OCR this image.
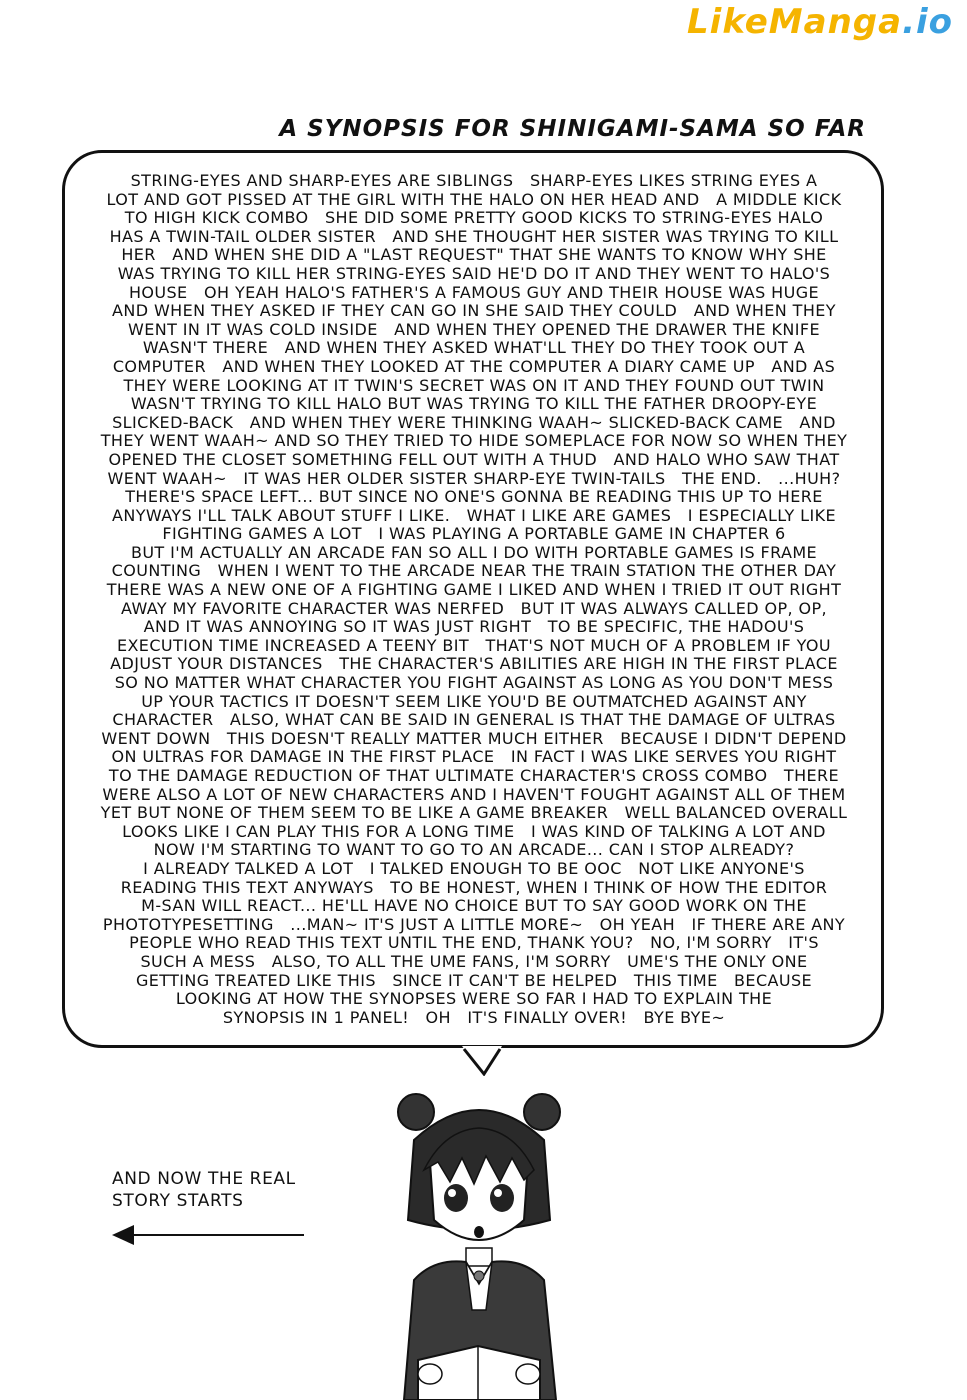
LikeManga.io
A SYNOPSIS FOR SHINIGAMI-SAMA SO FAR

STRING-EYES AND SHARP-EYES ARE SIBLINGS   SHARP-EYES LIKES STRING EYES A

LOT AND GOT PISSED AT THE GIRL WITH THE HALO ON HER HEAD AND   A MIDDLE KICK

TO HIGH KICK COMBO   SHE DID SOME PRETTY GOOD KICKS TO STRING-EYES HALO

HAS A TWIN-TAIL OLDER SISTER   AND SHE THOUGHT HER SISTER WAS TRYING TO KILL

HER   AND WHEN SHE DID A "LAST REQUEST" THAT SHE WANTS TO KNOW WHY SHE

WAS TRYING TO KILL HER STRING-EYES SAID HE'D DO IT AND THEY WENT TO HALO'S

HOUSE   OH YEAH HALO'S FATHER'S A FAMOUS GUY AND THEIR HOUSE WAS HUGE

AND WHEN THEY ASKED IF THEY CAN GO IN SHE SAID THEY COULD   AND WHEN THEY

WENT IN IT WAS COLD INSIDE   AND WHEN THEY OPENED THE DRAWER THE KNIFE

WASN'T THERE   AND WHEN THEY ASKED WHAT'LL THEY DO THEY TOOK OUT A

COMPUTER   AND WHEN THEY LOOKED AT THE COMPUTER A DIARY CAME UP   AND AS

THEY WERE LOOKING AT IT TWIN'S SECRET WAS ON IT AND THEY FOUND OUT TWIN

WASN'T TRYING TO KILL HALO BUT WAS TRYING TO KILL THE FATHER DROOPY-EYE

SLICKED-BACK   AND WHEN THEY WERE THINKING WAAH~ SLICKED-BACK CAME   AND

THEY WENT WAAH~ AND SO THEY TRIED TO HIDE SOMEPLACE FOR NOW SO WHEN THEY

OPENED THE CLOSET SOMETHING FELL OUT WITH A THUD   AND HALO WHO SAW THAT

WENT WAAH~   IT WAS HER OLDER SISTER SHARP-EYE TWIN-TAILS   THE END.   ...HUH?

THERE'S SPACE LEFT... BUT SINCE NO ONE'S GONNA BE READING THIS UP TO HERE

ANYWAYS I'LL TALK ABOUT STUFF I LIKE.   WHAT I LIKE ARE GAMES   I ESPECIALLY LIKE

FIGHTING GAMES A LOT   I WAS PLAYING A PORTABLE GAME IN CHAPTER 6

BUT I'M ACTUALLY AN ARCADE FAN SO ALL I DO WITH PORTABLE GAMES IS FRAME

COUNTING   WHEN I WENT TO THE ARCADE NEAR THE TRAIN STATION THE OTHER DAY

THERE WAS A NEW ONE OF A FIGHTING GAME I LIKED AND WHEN I TRIED IT OUT RIGHT

AWAY MY FAVORITE CHARACTER WAS NERFED   BUT IT WAS ALWAYS CALLED OP, OP,

AND IT WAS ANNOYING SO IT WAS JUST RIGHT   TO BE SPECIFIC, THE HADOU'S

EXECUTION TIME INCREASED A TEENY BIT   THAT'S NOT MUCH OF A PROBLEM IF YOU

ADJUST YOUR DISTANCES   THE CHARACTER'S ABILITIES ARE HIGH IN THE FIRST PLACE

SO NO MATTER WHAT CHARACTER YOU FIGHT AGAINST AS LONG AS YOU DON'T MESS

UP YOUR TACTICS IT DOESN'T SEEM LIKE YOU'D BE OUTMATCHED AGAINST ANY

CHARACTER   ALSO, WHAT CAN BE SAID IN GENERAL IS THAT THE DAMAGE OF ULTRAS

WENT DOWN   THIS DOESN'T REALLY MATTER MUCH EITHER   BECAUSE I DIDN'T DEPEND

ON ULTRAS FOR DAMAGE IN THE FIRST PLACE   IN FACT I WAS LIKE SERVES YOU RIGHT

TO THE DAMAGE REDUCTION OF THAT ULTIMATE CHARACTER'S CROSS COMBO   THERE

WERE ALSO A LOT OF NEW CHARACTERS AND I HAVEN'T FOUGHT AGAINST ALL OF THEM

YET BUT NONE OF THEM SEEM TO BE LIKE A GAME BREAKER   WELL BALANCED OVERALL

LOOKS LIKE I CAN PLAY THIS FOR A LONG TIME   I WAS KIND OF TALKING A LOT AND

NOW I'M STARTING TO WANT TO GO TO AN ARCADE... CAN I STOP ALREADY?

I ALREADY TALKED A LOT   I TALKED ENOUGH TO BE OOC   NOT LIKE ANYONE'S

READING THIS TEXT ANYWAYS   TO BE HONEST, WHEN I THINK OF HOW THE EDITOR

M-SAN WILL REACT... HE'LL HAVE NO CHOICE BUT TO SAY GOOD WORK ON THE

PHOTOTYPESETTING   ...MAN~ IT'S JUST A LITTLE MORE~   OH YEAH   IF THERE ARE ANY

PEOPLE WHO READ THIS TEXT UNTIL THE END, THANK YOU?   NO, I'M SORRY   IT'S

SUCH A MESS   ALSO, TO ALL THE UME FANS, I'M SORRY   UME'S THE ONLY ONE

GETTING TREATED LIKE THIS   SINCE IT CAN'T BE HELPED   THIS TIME   BECAUSE

LOOKING AT HOW THE SYNOPSES WERE SO FAR I HAD TO EXPLAIN THE

SYNOPSIS IN 1 PANEL!   OH   IT'S FINALLY OVER!   BYE BYE~

AND NOW THE REAL
STORY STARTS
